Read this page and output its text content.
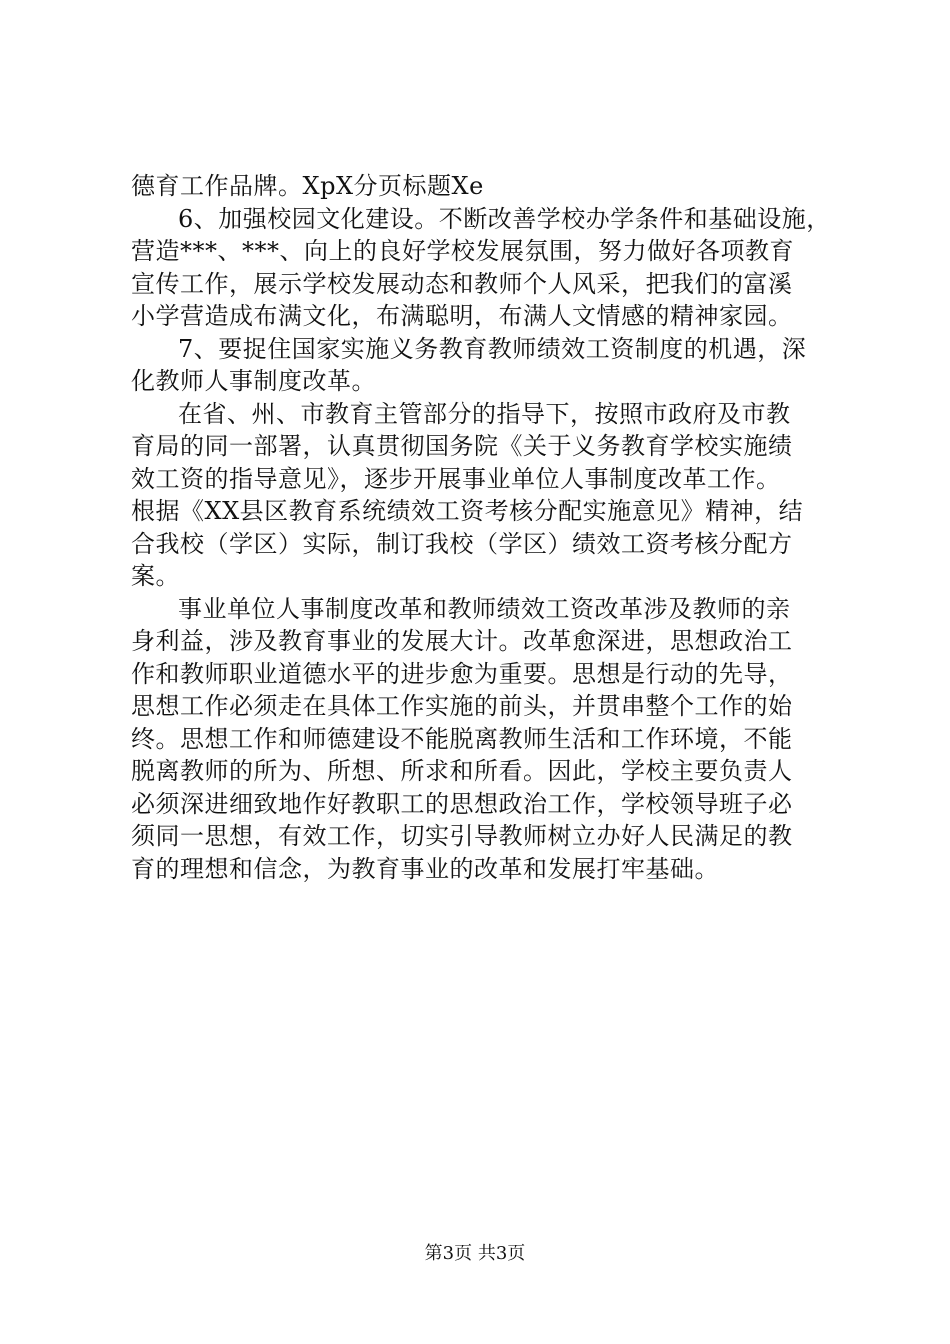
德育工作品牌。XpX分页标题Xe
6、加强校园文化建设。不断改善学校办学条件和基础设施，
营造***、***、向上的良好学校发展氛围，努力做好各项教育
宣传工作，展示学校发展动态和教师个人风采，把我们的富溪
小学营造成布满文化，布满聪明，布满人文情感的精神家园。
7、要捉住国家实施义务教育教师绩效工资制度的机遇，深
化教师人事制度改革。
在省、州、市教育主管部分的指导下，按照市政府及市教
育局的同一部署，认真贯彻国务院《关于义务教育学校实施绩
效工资的指导意见》，逐步开展事业单位人事制度改革工作。
根据《XX县区教育系统绩效工资考核分配实施意见》精神，结
合我校（学区）实际，制订我校（学区）绩效工资考核分配方
案。
事业单位人事制度改革和教师绩效工资改革涉及教师的亲
身利益，涉及教育事业的发展大计。改革愈深进，思想政治工
作和教师职业道德水平的进步愈为重要。思想是行动的先导，
思想工作必须走在具体工作实施的前头，并贯串整个工作的始
终。思想工作和师德建设不能脱离教师生活和工作环境，不能
脱离教师的所为、所想、所求和所看。因此，学校主要负责人
必须深进细致地作好教职工的思想政治工作，学校领导班子必
须同一思想，有效工作，切实引导教师树立办好人民满足的教
育的理想和信念，为教育事业的改革和发展打牢基础。
第3页 共3页
